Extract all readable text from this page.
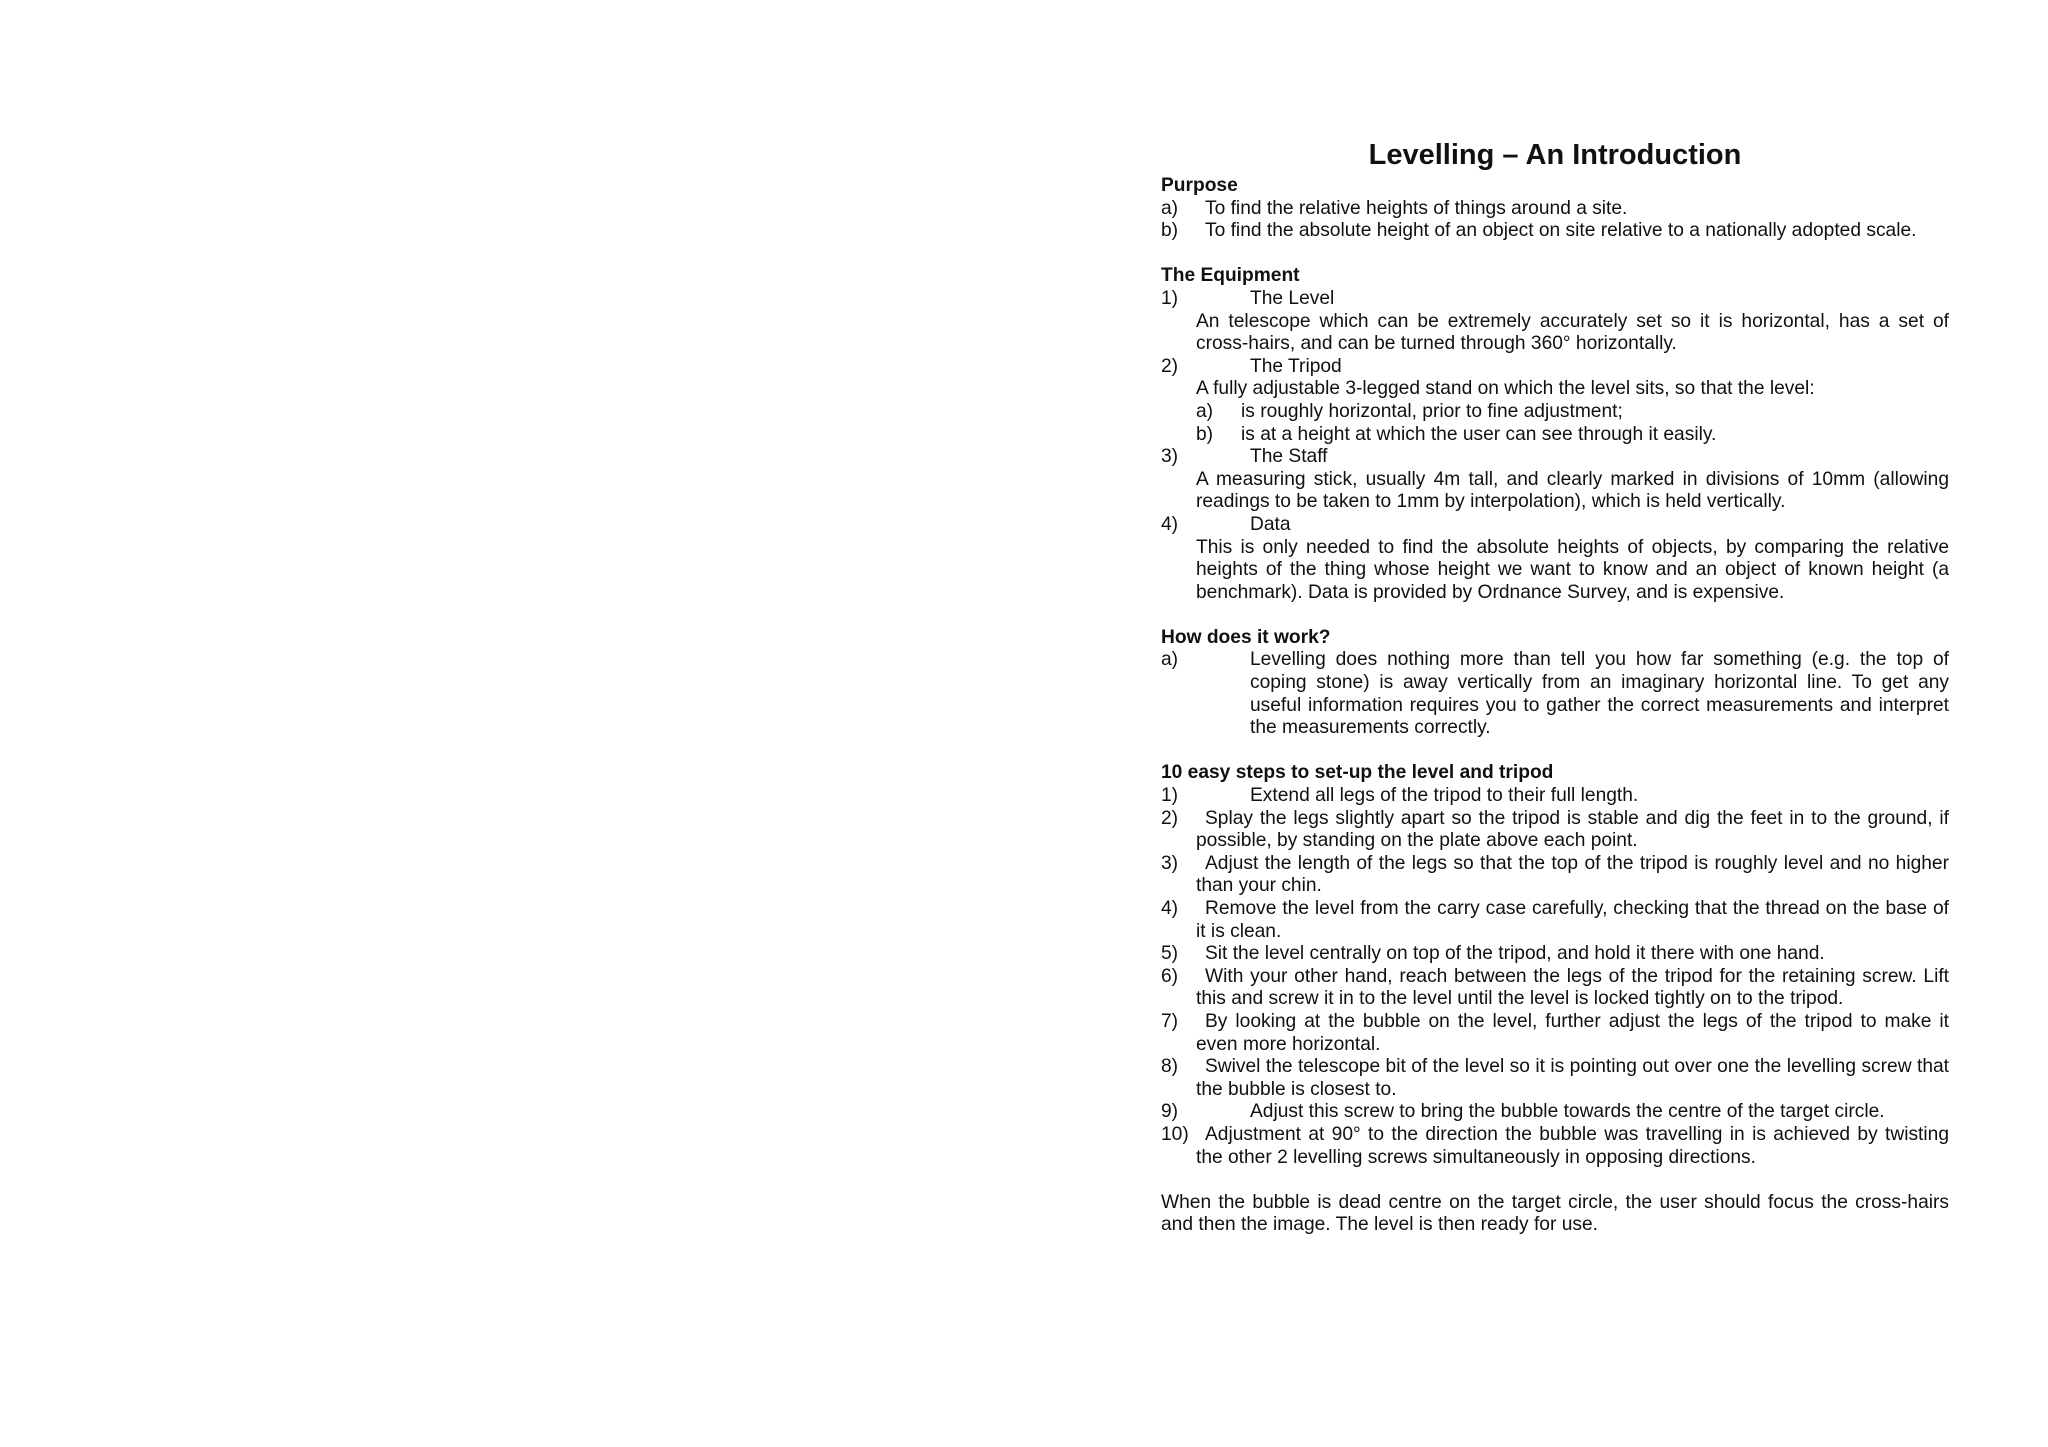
Levelling – An Introduction
Purpose
a)	To find the relative heights of things around a site.
b)	To find the absolute height of an object on site relative to a nationally adopted scale.
The Equipment
1)	The Level
An telescope which can be extremely accurately set so it is horizontal, has a set of cross-hairs, and can be turned through 360° horizontally.
2)	The Tripod
A fully adjustable 3-legged stand on which the level sits, so that the level:
a)	is roughly horizontal, prior to fine adjustment;
b)	is at a height at which the user can see through it easily.
3)	The Staff
A measuring stick, usually 4m tall, and clearly marked in divisions of 10mm (allowing readings to be taken to 1mm by interpolation), which is held vertically.
4)	Data
This is only needed to find the absolute heights of objects, by comparing the relative heights of the thing whose height we want to know and an object of known height (a benchmark). Data is provided by Ordnance Survey, and is expensive.
How does it work?
a)	Levelling does nothing more than tell you how far something (e.g. the top of coping stone) is away vertically from an imaginary horizontal line. To get any useful information requires you to gather the correct measurements and interpret the measurements correctly.
10 easy steps to set-up the level and tripod
1)	Extend all legs of the tripod to their full length.
2) Splay the legs slightly apart so the tripod is stable and dig the feet in to the ground, if possible, by standing on the plate above each point.
3) Adjust the length of the legs so that the top of the tripod is roughly level and no higher than your chin.
4) Remove the level from the carry case carefully, checking that the thread on the base of it is clean.
5) Sit the level centrally on top of the tripod, and hold it there with one hand.
6) With your other hand, reach between the legs of the tripod for the retaining screw. Lift this and screw it in to the level until the level is locked tightly on to the tripod.
7) By looking at the bubble on the level, further adjust the legs of the tripod to make it even more horizontal.
8) Swivel the telescope bit of the level so it is pointing out over one the levelling screw that the bubble is closest to.
9)	Adjust this screw to bring the bubble towards the centre of the target circle.
10) Adjustment at 90° to the direction the bubble was travelling in is achieved by twisting the other 2 levelling screws simultaneously in opposing directions.
When the bubble is dead centre on the target circle, the user should focus the cross-hairs and then the image. The level is then ready for use.
